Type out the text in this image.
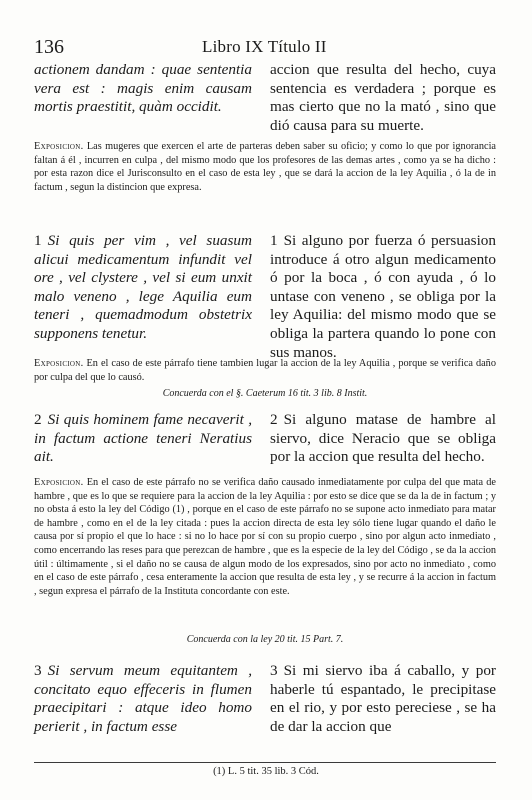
136	Libro IX Título II

actionem dandam : quae sententia vera est : magis enim causam mortis praestitit, quàm occidit.

accion que resulta del hecho, cuya sentencia es verdadera ; porque es mas cierto que no la mató , sino que dió causa para su muerte.

Exposicion. Las mugeres que exercen el arte de parteras deben saber su oficio; y como lo que por ignorancia faltan á él , incurren en culpa , del mismo modo que los profesores de las demas artes , como ya se ha dicho : por esta razon dice el Jurisconsulto en el caso de esta ley , que se dará la accion de la ley Aquilia , ó la de in factum , segun la distincion que expresa.

1 Si quis per vim , vel suasum alicui medicamentum infundit vel ore , vel clystere , vel si eum unxit malo veneno , lege Aquilia eum teneri , quemadmodum obstetrix supponens tenetur.

1 Si alguno por fuerza ó persuasion introduce á otro algun medicamento ó por la boca , ó con ayuda , ó lo untase con veneno , se obliga por la ley Aquilia: del mismo modo que se obliga la partera quando lo pone con sus manos.

Exposicion. En el caso de este párrafo tiene tambien lugar la accion de la ley Aquilia , porque se verifica daño por culpa del que lo causó.

Concuerda con el §. Caeterum 16 tit. 3 lib. 8 Instit.

2 Si quis hominem fame necaverit , in factum actione teneri Neratius ait.

2 Si alguno matase de hambre al siervo, dice Neracio que se obliga por la accion que resulta del hecho.

Exposicion. En el caso de este párrafo no se verifica daño causado inmediatamente por culpa del que mata de hambre , que es lo que se requiere para la accion de la ley Aquilia : por esto se dice que se da la de in factum ; y no obsta á esto la ley del Código (1) , porque en el caso de este párrafo no se supone acto inmediato para matar de hambre , como en el de la ley citada : pues la accion directa de esta ley sólo tiene lugar quando el daño le causa por sí propio el que lo hace : si no lo hace por sí con su propio cuerpo , sino por algun acto inmediato , como encerrando las reses para que perezcan de hambre , que es la especie de la ley del Código , se da la accion útil : últimamente , si el daño no se causa de algun modo de los expresados, sino por acto no inmediato , como en el caso de este párrafo , cesa enteramente la accion que resulta de esta ley , y se recurre á la accion in factum , segun expresa el párrafo de la Instituta concordante con este.

Concuerda con la ley 20 tit. 15 Part. 7.

3 Si servum meum equitantem , concitato equo effeceris in flumen praecipitari : atque ideo homo perierit , in factum esse

3 Si mi siervo iba á caballo, y por haberle tú espantado, le precipitase en el rio, y por esto pereciese , se ha de dar la accion que

(1) L. 5 tit. 35 lib. 3 Cód.
